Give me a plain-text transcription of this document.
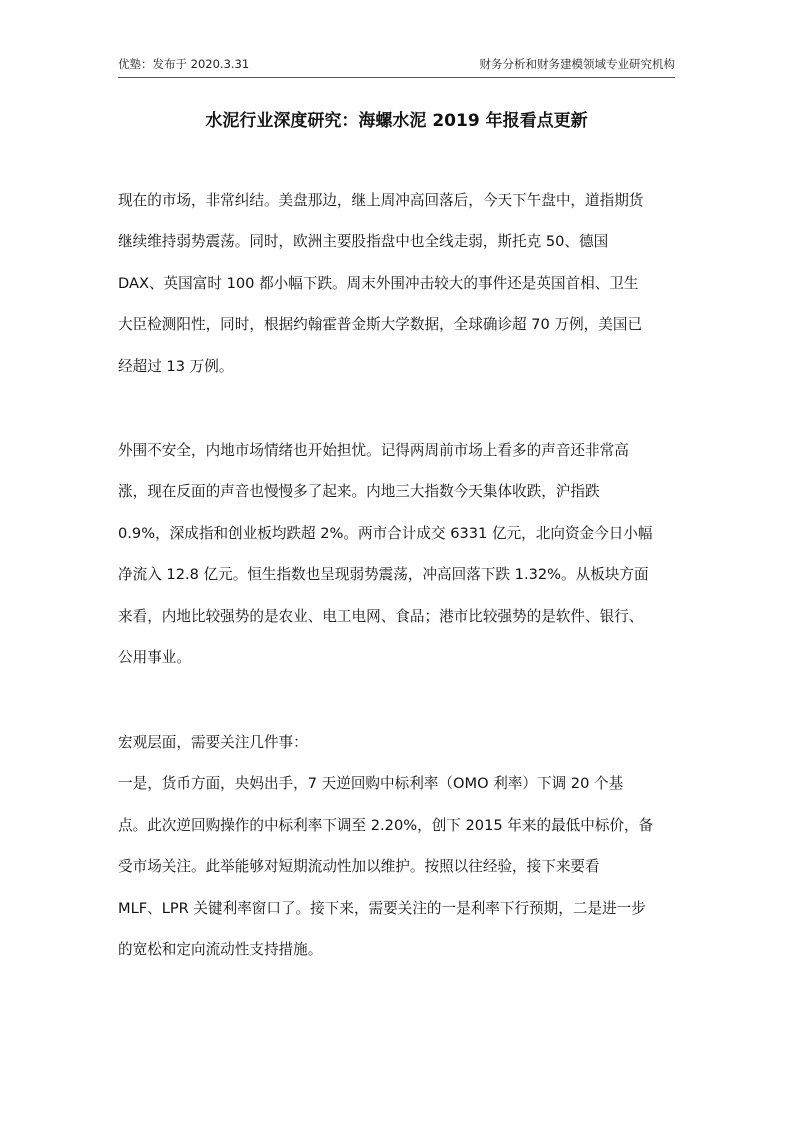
优塾：发布于 2020.3.31	财务分析和财务建模领域专业研究机构
水泥行业深度研究：海螺水泥 2019 年报看点更新
现在的市场，非常纠结。美盘那边，继上周冲高回落后，今天下午盘中，道指期货
继续维持弱势震荡。同时，欧洲主要股指盘中也全线走弱，斯托克 50、德国
DAX、英国富时 100 都小幅下跌。周末外围冲击较大的事件还是英国首相、卫生
大臣检测阳性，同时，根据约翰霍普金斯大学数据，全球确诊超 70 万例，美国已
经超过 13 万例。
外围不安全，内地市场情绪也开始担忧。记得两周前市场上看多的声音还非常高
涨，现在反面的声音也慢慢多了起来。内地三大指数今天集体收跌，沪指跌
0.9%，深成指和创业板均跌超 2%。两市合计成交 6331 亿元，北向资金今日小幅
净流入 12.8 亿元。恒生指数也呈现弱势震荡，冲高回落下跌 1.32%。从板块方面
来看，内地比较强势的是农业、电工电网、食品；港市比较强势的是软件、银行、
公用事业。
宏观层面，需要关注几件事：
一是，货币方面，央妈出手，7 天逆回购中标利率（OMO 利率）下调 20 个基
点。此次逆回购操作的中标利率下调至 2.20%，创下 2015 年来的最低中标价，备
受市场关注。此举能够对短期流动性加以维护。按照以往经验，接下来要看
MLF、LPR 关键利率窗口了。接下来，需要关注的一是利率下行预期，二是进一步
的宽松和定向流动性支持措施。
